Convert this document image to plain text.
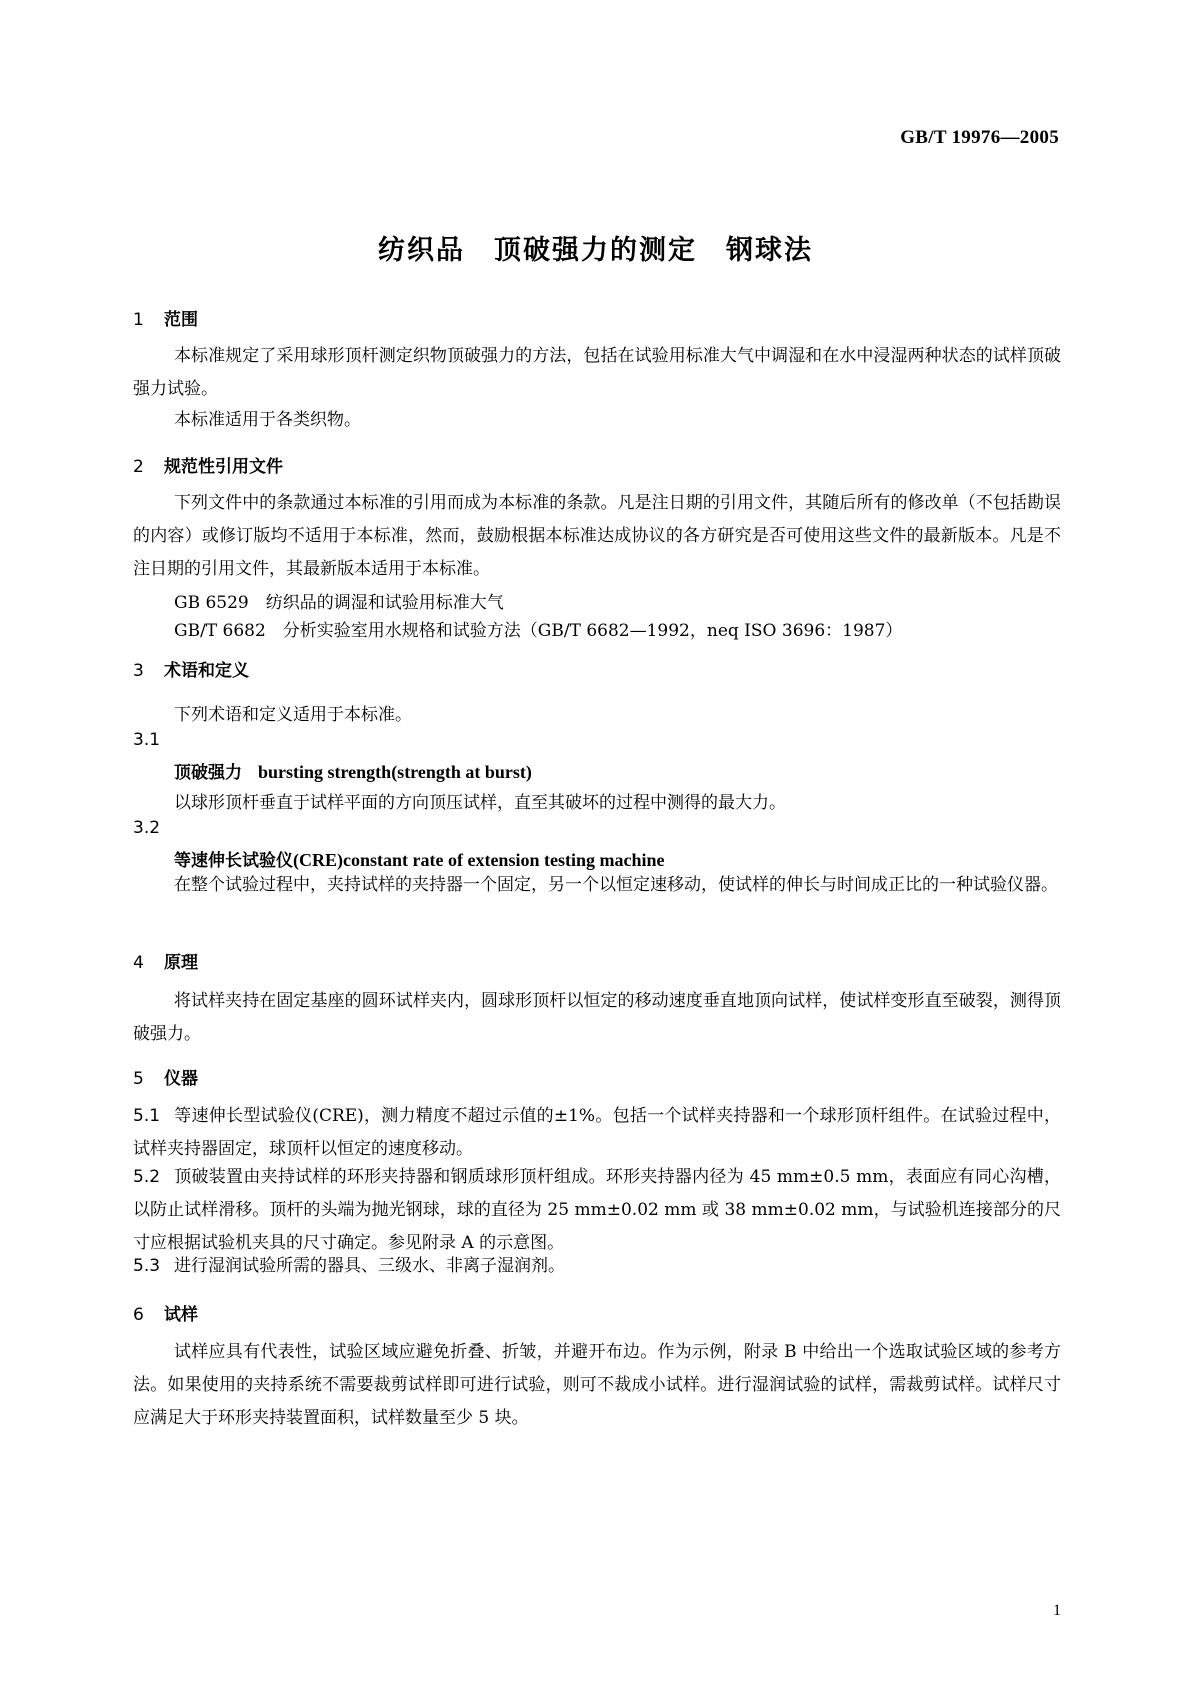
GB/T 19976—2005
纺织品　顶破强力的测定　钢球法
1 范围
本标准规定了采用球形顶杆测定织物顶破强力的方法，包括在试验用标准大气中调湿和在水中浸湿两种状态的试样顶破强力试验。
本标准适用于各类织物。
2 规范性引用文件
下列文件中的条款通过本标准的引用而成为本标准的条款。凡是注日期的引用文件，其随后所有的修改单（不包括勘误的内容）或修订版均不适用于本标准，然而，鼓励根据本标准达成协议的各方研究是否可使用这些文件的最新版本。凡是不注日期的引用文件，其最新版本适用于本标准。
GB 6529　纺织品的调湿和试验用标准大气
GB/T 6682　分析实验室用水规格和试验方法（GB/T 6682—1992，neq ISO 3696：1987）
3 术语和定义
下列术语和定义适用于本标准。
3.1
顶破强力 bursting strength(strength at burst)
以球形顶杆垂直于试样平面的方向顶压试样，直至其破坏的过程中测得的最大力。
3.2
等速伸长试验仪(CRE)constant rate of extension testing machine
在整个试验过程中，夹持试样的夹持器一个固定，另一个以恒定速移动，使试样的伸长与时间成正比的一种试验仪器。
4 原理
将试样夹持在固定基座的圆环试样夹内，圆球形顶杆以恒定的移动速度垂直地顶向试样，使试样变形直至破裂，测得顶破强力。
5 仪器
5.1 等速伸长型试验仪(CRE)，测力精度不超过示值的±1%。包括一个试样夹持器和一个球形顶杆组件。在试验过程中，试样夹持器固定，球顶杆以恒定的速度移动。
5.2 顶破装置由夹持试样的环形夹持器和钢质球形顶杆组成。环形夹持器内径为 45 mm±0.5 mm，表面应有同心沟槽，以防止试样滑移。顶杆的头端为抛光钢球，球的直径为 25 mm±0.02 mm 或 38 mm±0.02 mm，与试验机连接部分的尺寸应根据试验机夹具的尺寸确定。参见附录 A 的示意图。
5.3 进行湿润试验所需的器具、三级水、非离子湿润剂。
6 试样
试样应具有代表性，试验区域应避免折叠、折皱，并避开布边。作为示例，附录 B 中给出一个选取试验区域的参考方法。如果使用的夹持系统不需要裁剪试样即可进行试验，则可不裁成小试样。进行湿润试验的试样，需裁剪试样。试样尺寸应满足大于环形夹持装置面积，试样数量至少 5 块。
1
